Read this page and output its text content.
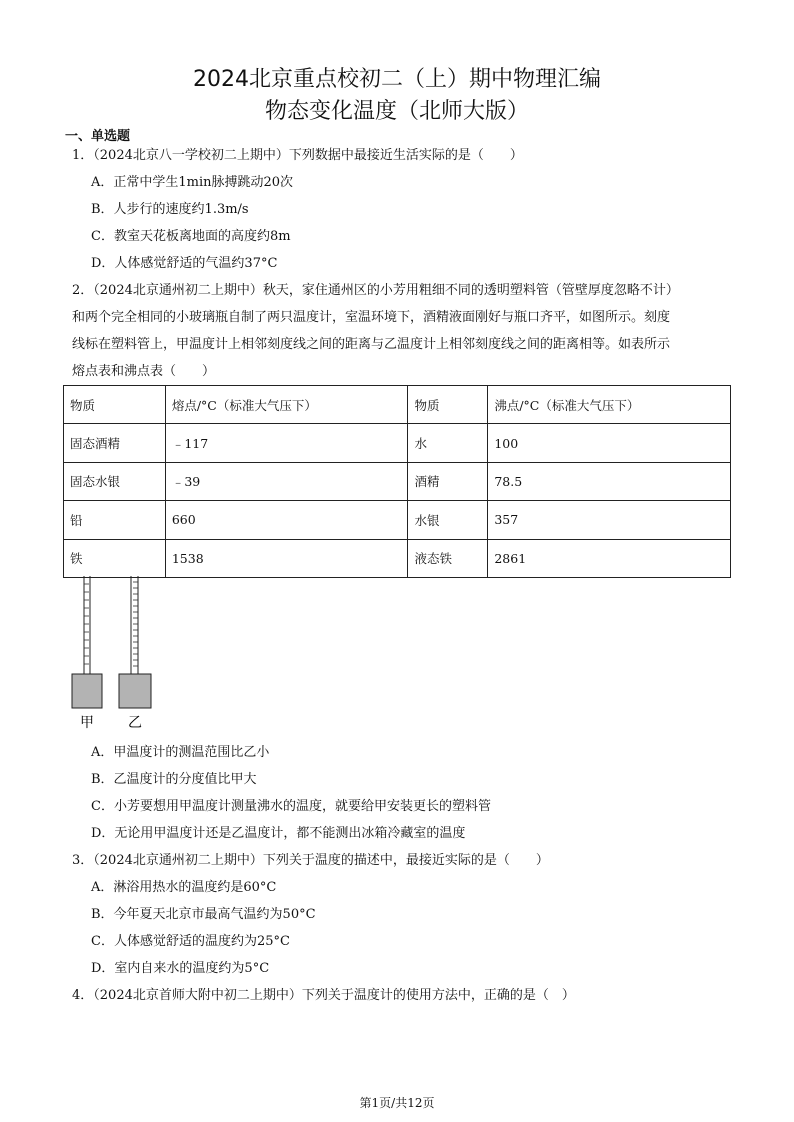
2024北京重点校初二（上）期中物理汇编
物态变化温度（北师大版）
一、单选题
1．（2024北京八一学校初二上期中）下列数据中最接近生活实际的是（　　）
A．正常中学生1min脉搏跳动20次
B．人步行的速度约1.3m/s
C．教室天花板离地面的高度约8m
D．人体感觉舒适的气温约37°C
2．（2024北京通州初二上期中）秋天，家住通州区的小芳用粗细不同的透明塑料管（管壁厚度忽略不计）
和两个完全相同的小玻璃瓶自制了两只温度计，室温环境下，酒精液面刚好与瓶口齐平，如图所示。刻度
线标在塑料管上，甲温度计上相邻刻度线之间的距离与乙温度计上相邻刻度线之间的距离相等。如表所示
熔点表和沸点表（　　）
物质	熔点/°C（标准大气压下）	物质	沸点/°C（标准大气压下）
固态酒精	﹣117	水	100
固态水银	﹣39	酒精	78.5
铅	660	水银	357
铁	1538	液态铁	2861
甲 乙
A．甲温度计的测温范围比乙小
B．乙温度计的分度值比甲大
C．小芳要想用甲温度计测量沸水的温度，就要给甲安装更长的塑料管
D．无论用甲温度计还是乙温度计，都不能测出冰箱冷藏室的温度
3．（2024北京通州初二上期中）下列关于温度的描述中，最接近实际的是（　　）
A．淋浴用热水的温度约是60°C
B．今年夏天北京市最高气温约为50°C
C．人体感觉舒适的温度约为25°C
D．室内自来水的温度约为5°C
4．（2024北京首师大附中初二上期中）下列关于温度计的使用方法中，正确的是（　）
第1页/共12页
